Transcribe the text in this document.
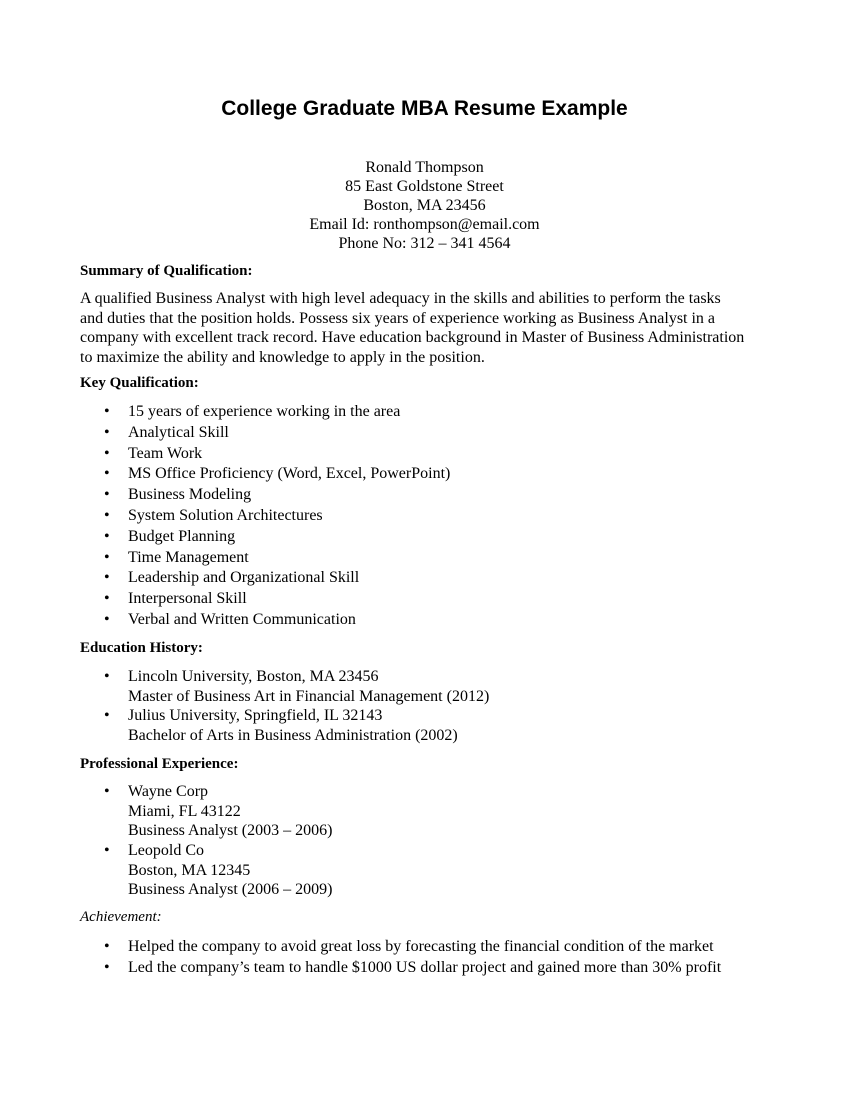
College Graduate MBA Resume Example
Ronald Thompson
85 East Goldstone Street
Boston, MA 23456
Email Id: ronthompson@email.com
Phone No: 312 – 341 4564
Summary of Qualification:
A qualified Business Analyst with high level adequacy in the skills and abilities to perform the tasks
and duties that the position holds. Possess six years of experience working as Business Analyst in a
company with excellent track record. Have education background in Master of Business Administration
to maximize the ability and knowledge to apply in the position.
Key Qualification:
• 15 years of experience working in the area
• Analytical Skill
• Team Work
• MS Office Proficiency (Word, Excel, PowerPoint)
• Business Modeling
• System Solution Architectures
• Budget Planning
• Time Management
• Leadership and Organizational Skill
• Interpersonal Skill
• Verbal and Written Communication
Education History:
• Lincoln University, Boston, MA 23456
Master of Business Art in Financial Management (2012)
• Julius University, Springfield, IL 32143
Bachelor of Arts in Business Administration (2002)
Professional Experience:
• Wayne Corp
Miami, FL 43122
Business Analyst (2003 – 2006)
• Leopold Co
Boston, MA 12345
Business Analyst (2006 – 2009)
Achievement:
• Helped the company to avoid great loss by forecasting the financial condition of the market
• Led the company’s team to handle $1000 US dollar project and gained more than 30% profit
